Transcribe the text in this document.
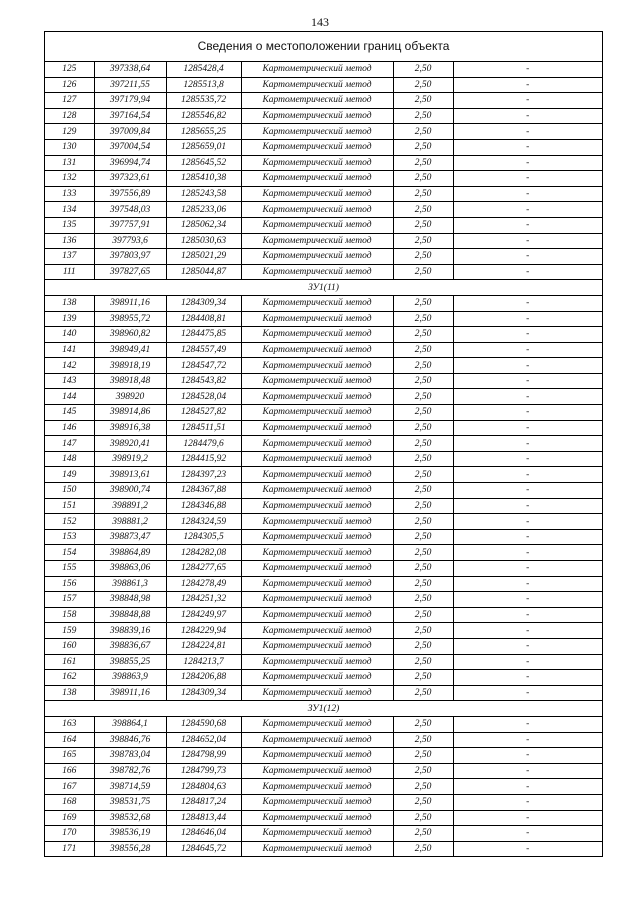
143
Сведения о местоположении границ объекта
125	397338,64	1285428,4	Картометрический метод	2,50	-
126	397211,55	1285513,8	Картометрический метод	2,50	-
127	397179,94	1285535,72	Картометрический метод	2,50	-
128	397164,54	1285546,82	Картометрический метод	2,50	-
129	397009,84	1285655,25	Картометрический метод	2,50	-
130	397004,54	1285659,01	Картометрический метод	2,50	-
131	396994,74	1285645,52	Картометрический метод	2,50	-
132	397323,61	1285410,38	Картометрический метод	2,50	-
133	397556,89	1285243,58	Картометрический метод	2,50	-
134	397548,03	1285233,06	Картометрический метод	2,50	-
135	397757,91	1285062,34	Картометрический метод	2,50	-
136	397793,6	1285030,63	Картометрический метод	2,50	-
137	397803,97	1285021,29	Картометрический метод	2,50	-
111	397827,65	1285044,87	Картометрический метод	2,50	-
ЗУ1(11)					
138	398911,16	1284309,34	Картометрический метод	2,50	-
139	398955,72	1284408,81	Картометрический метод	2,50	-
140	398960,82	1284475,85	Картометрический метод	2,50	-
141	398949,41	1284557,49	Картометрический метод	2,50	-
142	398918,19	1284547,72	Картометрический метод	2,50	-
143	398918,48	1284543,82	Картометрический метод	2,50	-
144	398920	1284528,04	Картометрический метод	2,50	-
145	398914,86	1284527,82	Картометрический метод	2,50	-
146	398916,38	1284511,51	Картометрический метод	2,50	-
147	398920,41	1284479,6	Картометрический метод	2,50	-
148	398919,2	1284415,92	Картометрический метод	2,50	-
149	398913,61	1284397,23	Картометрический метод	2,50	-
150	398900,74	1284367,88	Картометрический метод	2,50	-
151	398891,2	1284346,88	Картометрический метод	2,50	-
152	398881,2	1284324,59	Картометрический метод	2,50	-
153	398873,47	1284305,5	Картометрический метод	2,50	-
154	398864,89	1284282,08	Картометрический метод	2,50	-
155	398863,06	1284277,65	Картометрический метод	2,50	-
156	398861,3	1284278,49	Картометрический метод	2,50	-
157	398848,98	1284251,32	Картометрический метод	2,50	-
158	398848,88	1284249,97	Картометрический метод	2,50	-
159	398839,16	1284229,94	Картометрический метод	2,50	-
160	398836,67	1284224,81	Картометрический метод	2,50	-
161	398855,25	1284213,7	Картометрический метод	2,50	-
162	398863,9	1284206,88	Картометрический метод	2,50	-
138	398911,16	1284309,34	Картометрический метод	2,50	-
ЗУ1(12)					
163	398864,1	1284590,68	Картометрический метод	2,50	-
164	398846,76	1284652,04	Картометрический метод	2,50	-
165	398783,04	1284798,99	Картометрический метод	2,50	-
166	398782,76	1284799,73	Картометрический метод	2,50	-
167	398714,59	1284804,63	Картометрический метод	2,50	-
168	398531,75	1284817,24	Картометрический метод	2,50	-
169	398532,68	1284813,44	Картометрический метод	2,50	-
170	398536,19	1284646,04	Картометрический метод	2,50	-
171	398556,28	1284645,72	Картометрический метод	2,50	-
